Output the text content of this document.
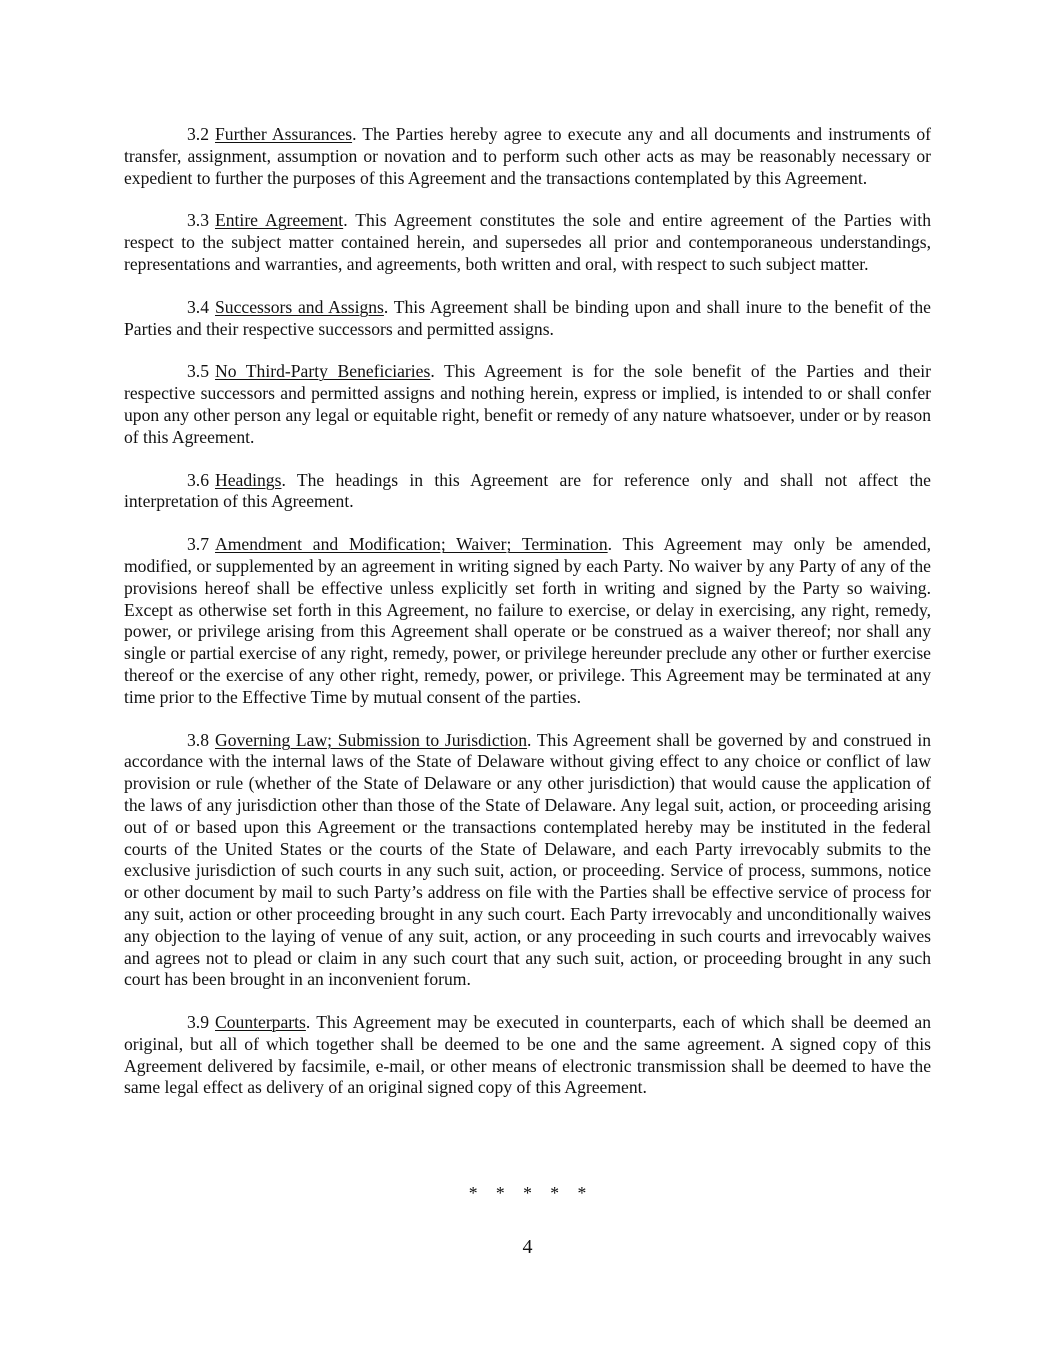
3.2 Further Assurances. The Parties hereby agree to execute any and all documents and instruments of transfer, assignment, assumption or novation and to perform such other acts as may be reasonably necessary or expedient to further the purposes of this Agreement and the transactions contemplated by this Agreement.

3.3 Entire Agreement. This Agreement constitutes the sole and entire agreement of the Parties with respect to the subject matter contained herein, and supersedes all prior and contemporaneous understandings, representations and warranties, and agreements, both written and oral, with respect to such subject matter.

3.4 Successors and Assigns. This Agreement shall be binding upon and shall inure to the benefit of the Parties and their respective successors and permitted assigns.

3.5 No Third-Party Beneficiaries. This Agreement is for the sole benefit of the Parties and their respective successors and permitted assigns and nothing herein, express or implied, is intended to or shall confer upon any other person any legal or equitable right, benefit or remedy of any nature whatsoever, under or by reason of this Agreement.

3.6 Headings. The headings in this Agreement are for reference only and shall not affect the interpretation of this Agreement.

3.7 Amendment and Modification; Waiver; Termination. This Agreement may only be amended, modified, or supplemented by an agreement in writing signed by each Party. No waiver by any Party of any of the provisions hereof shall be effective unless explicitly set forth in writing and signed by the Party so waiving. Except as otherwise set forth in this Agreement, no failure to exercise, or delay in exercising, any right, remedy, power, or privilege arising from this Agreement shall operate or be construed as a waiver thereof; nor shall any single or partial exercise of any right, remedy, power, or privilege hereunder preclude any other or further exercise thereof or the exercise of any other right, remedy, power, or privilege. This Agreement may be terminated at any time prior to the Effective Time by mutual consent of the parties.

3.8 Governing Law; Submission to Jurisdiction. This Agreement shall be governed by and construed in accordance with the internal laws of the State of Delaware without giving effect to any choice or conflict of law provision or rule (whether of the State of Delaware or any other jurisdiction) that would cause the application of the laws of any jurisdiction other than those of the State of Delaware. Any legal suit, action, or proceeding arising out of or based upon this Agreement or the transactions contemplated hereby may be instituted in the federal courts of the United States or the courts of the State of Delaware, and each Party irrevocably submits to the exclusive jurisdiction of such courts in any such suit, action, or proceeding. Service of process, summons, notice or other document by mail to such Party’s address on file with the Parties shall be effective service of process for any suit, action or other proceeding brought in any such court. Each Party irrevocably and unconditionally waives any objection to the laying of venue of any suit, action, or any proceeding in such courts and irrevocably waives and agrees not to plead or claim in any such court that any such suit, action, or proceeding brought in any such court has been brought in an inconvenient forum.

3.9 Counterparts. This Agreement may be executed in counterparts, each of which shall be deemed an original, but all of which together shall be deemed to be one and the same agreement. A signed copy of this Agreement delivered by facsimile, e-mail, or other means of electronic transmission shall be deemed to have the same legal effect as delivery of an original signed copy of this Agreement.

* * * * *
4
